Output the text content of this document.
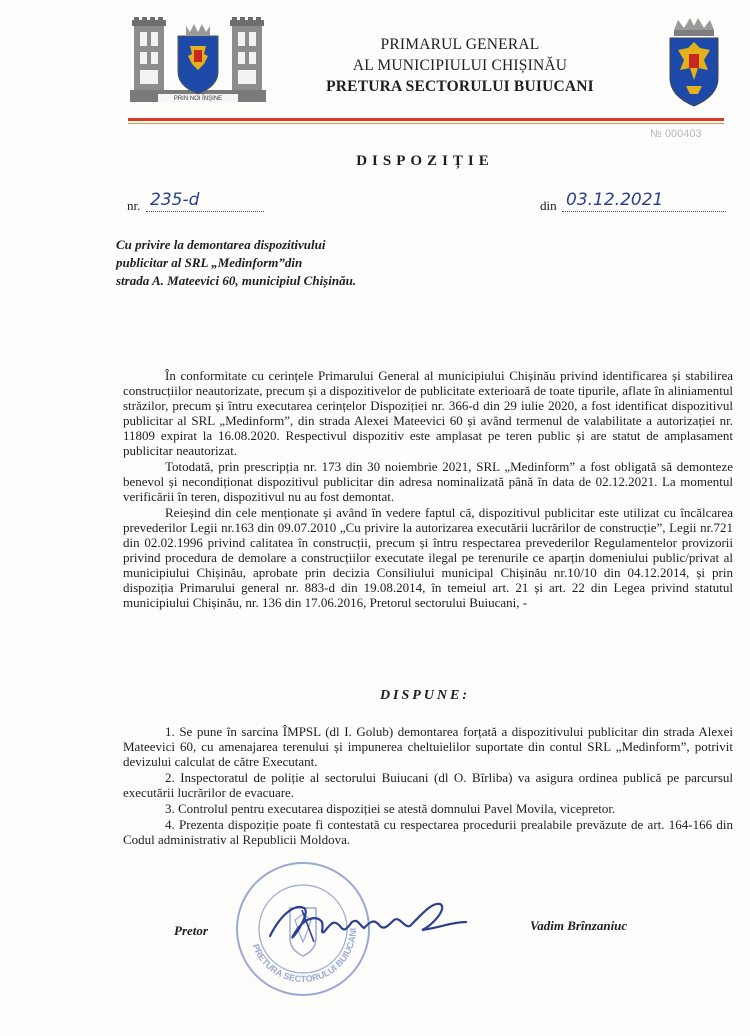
PRIN NOI ÎNȘINE
PRIMARUL GENERAL
AL MUNICIPIULUI CHIȘINĂU
PRETURA SECTORULUI BUIUCANI
№ 000403
DISPOZIȚIE
nr. 235-d	din 03.12.2021
Cu privire la demontarea dispozitivului
publicitar al SRL „Medinform”din
strada A. Mateevici 60, municipiul Chișinău.

În conformitate cu cerințele Primarului General al municipiului Chișinău privind identificarea și stabilirea construcțiilor neautorizate, precum și a dispozitivelor de publicitate exterioară de toate tipurile, aflate în aliniamentul străzilor, precum și întru executarea cerințelor Dispoziției nr. 366-d din 29 iulie 2020, a fost identificat dispozitivul publicitar al SRL „Medinform”, din strada Alexei Mateevici 60 și având termenul de valabilitate a autorizației nr. 11809 expirat la 16.08.2020. Respectivul dispozitiv este amplasat pe teren public și are statut de amplasament publicitar neautorizat.

Totodată, prin prescripția nr. 173 din 30 noiembrie 2021, SRL „Medinform” a fost obligată să demonteze benevol și necondiționat dispozitivul publicitar din adresa nominalizată până în data de 02.12.2021. La momentul verificării în teren, dispozitivul nu au fost demontat.

Reieșind din cele menționate și având în vedere faptul că, dispozitivul publicitar este utilizat cu încălcarea prevederilor Legii nr.163 din 09.07.2010 „Cu privire la autorizarea executării lucrărilor de construcție”, Legii nr.721 din 02.02.1996 privind calitatea în construcții, precum și întru respectarea prevederilor Regulamentelor provizorii privind procedura de demolare a construcțiilor executate ilegal pe terenurile ce aparțin domeniului public/privat al municipiului Chișinău, aprobate prin decizia Consiliului municipal Chișinău nr.10/10 din 04.12.2014, și prin dispoziția Primarului general nr. 883-d din 19.08.2014, în temeiul art. 21 și art. 22 din Legea privind statutul municipiului Chișinău, nr. 136 din 17.06.2016, Pretorul sectorului Buiucani, -

DISPUNE:

1. Se pune în sarcina ÎMPSL (dl I. Golub) demontarea forțată a dispozitivului publicitar din strada Alexei Mateevici 60, cu amenajarea terenului și impunerea cheltuielilor suportate din contul SRL „Medinform”, potrivit devizului calculat de către Executant.

2. Inspectoratul de poliție al sectorului Buiucani (dl O. Bîrliba) va asigura ordinea publică pe parcursul executării lucrărilor de evacuare.

3. Controlul pentru executarea dispoziției se atestă domnului Pavel Movila, vicepretor.

4. Prezenta dispoziție poate fi contestată cu respectarea procedurii prealabile prevăzute de art. 164-166 din Codul administrativ al Republicii Moldova.

PRETURA SECTORULUI BUIUCANI
Pretor	Vadim Brînzaniuc
